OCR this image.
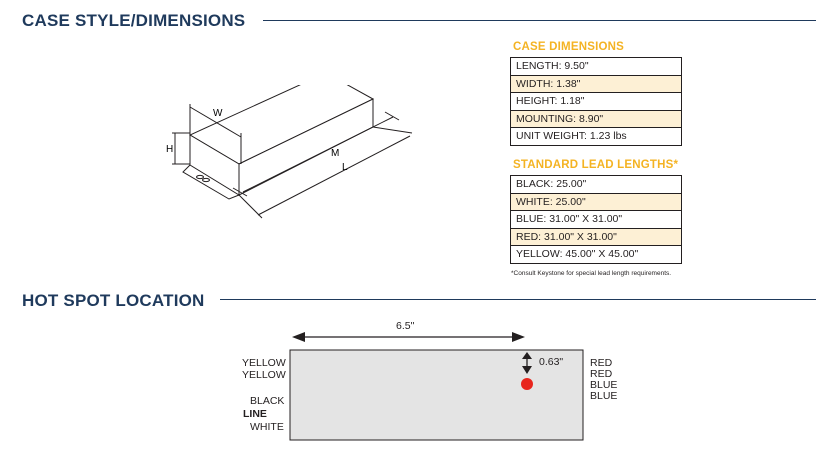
CASE STYLE/DIMENSIONS
W
H	M
L
CASE DIMENSIONS
LENGTH: 9.50"
WIDTH: 1.38"
HEIGHT: 1.18"
MOUNTING: 8.90"
UNIT WEIGHT: 1.23 lbs
STANDARD LEAD LENGTHS*
BLACK: 25.00"
WHITE: 25.00"
BLUE: 31.00" X 31.00"
RED: 31.00" X 31.00"
YELLOW: 45.00" X 45.00"
*Consult Keystone for special lead length requirements.
HOT SPOT LOCATION
6.5"
0.63"
YELLOW
YELLOW
BLACK
LINE
WHITE
RED
RED
BLUE
BLUE
